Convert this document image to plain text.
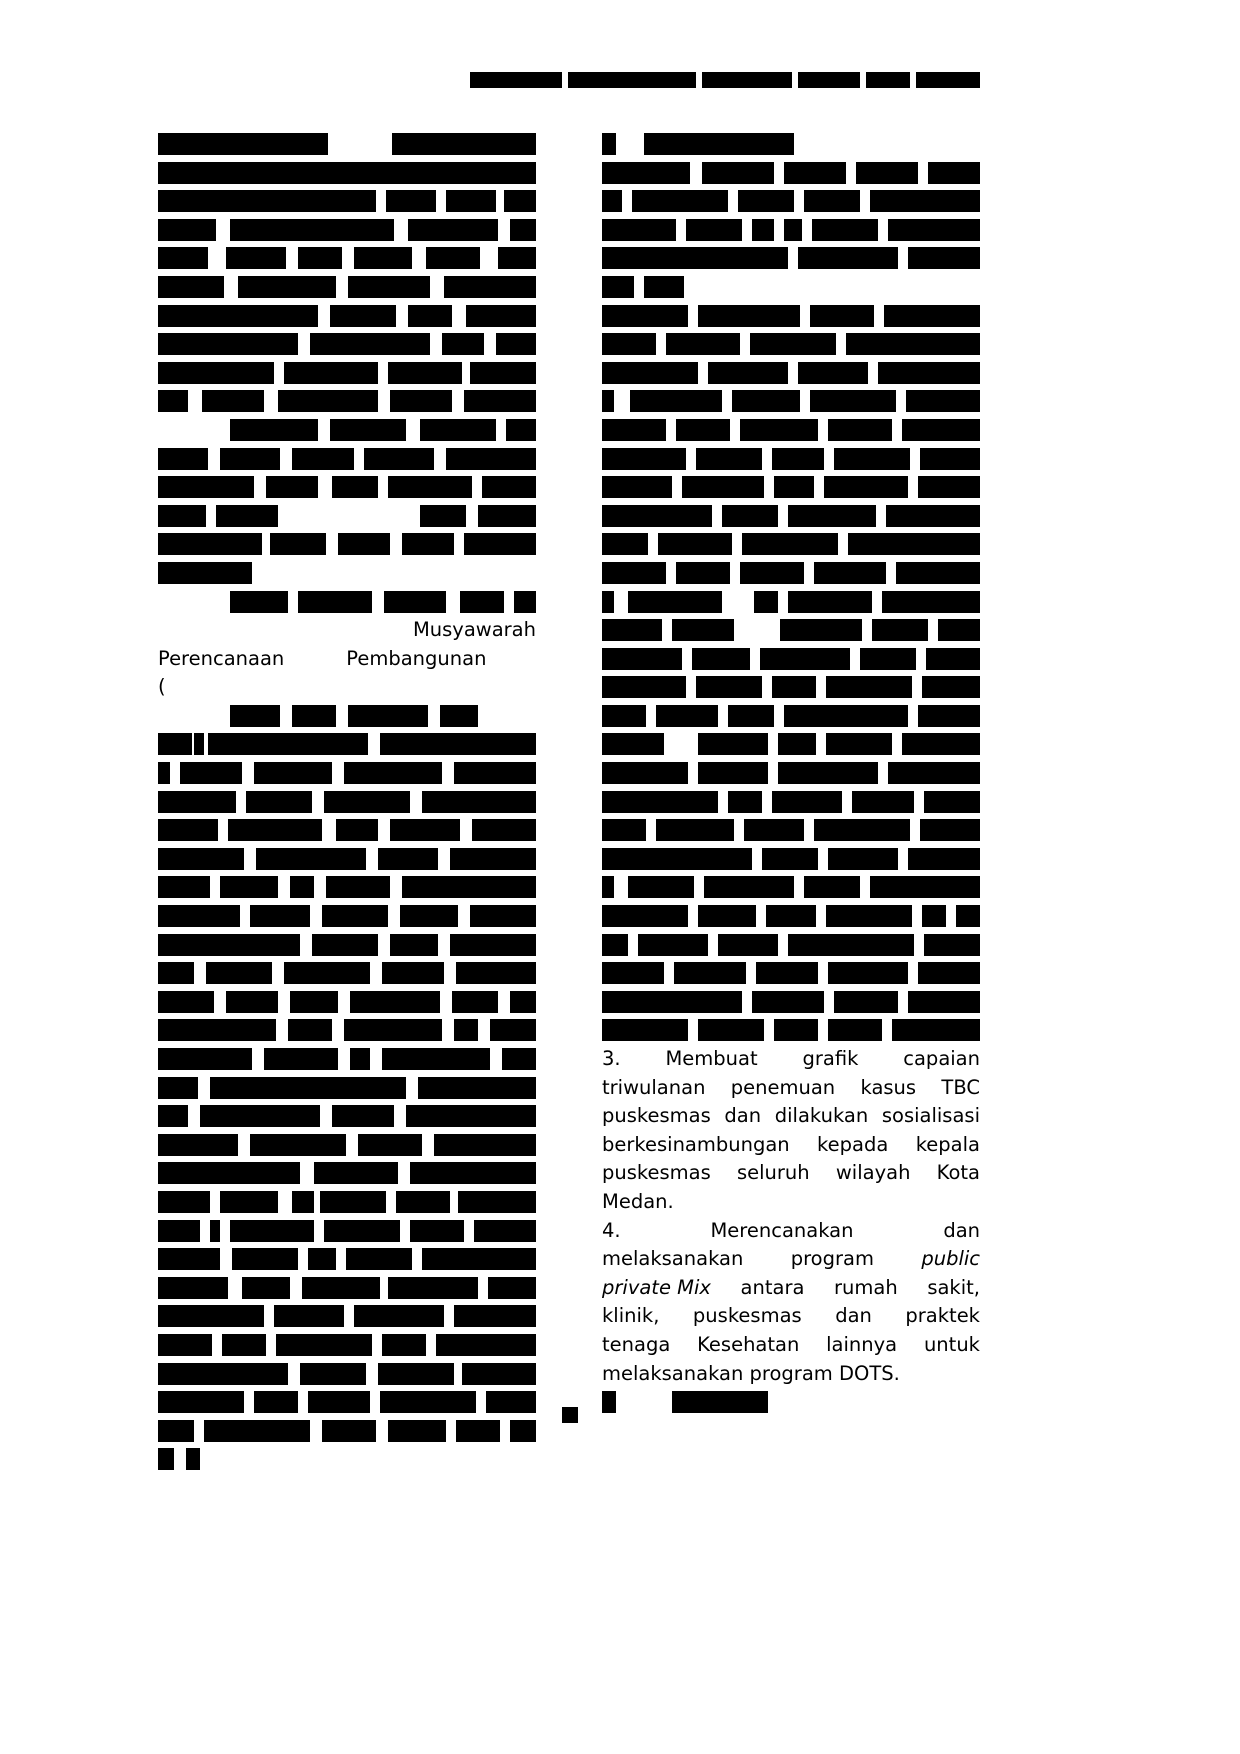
Musyawarah
Perencanaan          Pembangunan
(
3. Membuat grafik capaian
triwulanan penemuan kasus TBC
puskesmas dan dilakukan sosialisasi
berkesinambungan kepada kepala
puskesmas seluruh wilayah Kota
Medan.
4.	Merencanakan	dan
melaksanakan program public
private Mix antara rumah sakit,
klinik, puskesmas dan praktek
tenaga Kesehatan lainnya untuk
melaksanakan program DOTS.
